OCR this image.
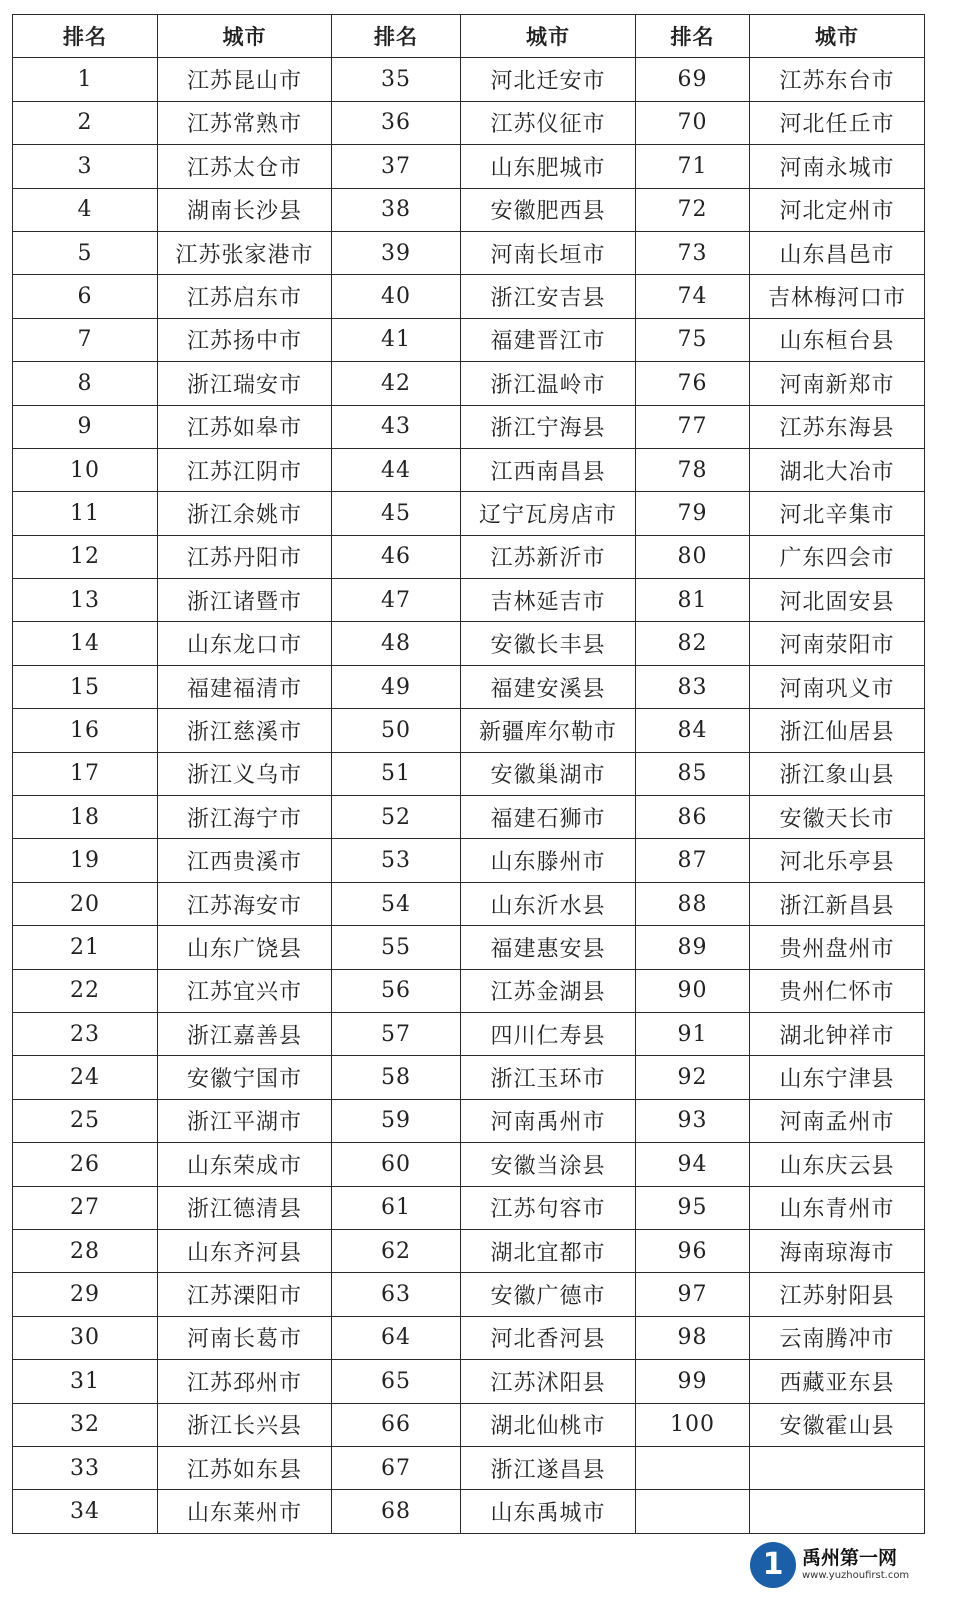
排名	城市	排名	城市	排名	城市
1	江苏昆山市	35	河北迁安市	69	江苏东台市
2	江苏常熟市	36	江苏仪征市	70	河北任丘市
3	江苏太仓市	37	山东肥城市	71	河南永城市
4	湖南长沙县	38	安徽肥西县	72	河北定州市
5	江苏张家港市	39	河南长垣市	73	山东昌邑市
6	江苏启东市	40	浙江安吉县	74	吉林梅河口市
7	江苏扬中市	41	福建晋江市	75	山东桓台县
8	浙江瑞安市	42	浙江温岭市	76	河南新郑市
9	江苏如皋市	43	浙江宁海县	77	江苏东海县
10	江苏江阴市	44	江西南昌县	78	湖北大冶市
11	浙江余姚市	45	辽宁瓦房店市	79	河北辛集市
12	江苏丹阳市	46	江苏新沂市	80	广东四会市
13	浙江诸暨市	47	吉林延吉市	81	河北固安县
14	山东龙口市	48	安徽长丰县	82	河南荥阳市
15	福建福清市	49	福建安溪县	83	河南巩义市
16	浙江慈溪市	50	新疆库尔勒市	84	浙江仙居县
17	浙江义乌市	51	安徽巢湖市	85	浙江象山县
18	浙江海宁市	52	福建石狮市	86	安徽天长市
19	江西贵溪市	53	山东滕州市	87	河北乐亭县
20	江苏海安市	54	山东沂水县	88	浙江新昌县
21	山东广饶县	55	福建惠安县	89	贵州盘州市
22	江苏宜兴市	56	江苏金湖县	90	贵州仁怀市
23	浙江嘉善县	57	四川仁寿县	91	湖北钟祥市
24	安徽宁国市	58	浙江玉环市	92	山东宁津县
25	浙江平湖市	59	河南禹州市	93	河南孟州市
26	山东荣成市	60	安徽当涂县	94	山东庆云县
27	浙江德清县	61	江苏句容市	95	山东青州市
28	山东齐河县	62	湖北宜都市	96	海南琼海市
29	江苏溧阳市	63	安徽广德市	97	江苏射阳县
30	河南长葛市	64	河北香河县	98	云南腾冲市
31	江苏邳州市	65	江苏沭阳县	99	西藏亚东县
32	浙江长兴县	66	湖北仙桃市	100	安徽霍山县
33	江苏如东县	67	浙江遂昌县		
34	山东莱州市	68	山东禹城市		
1 禹州第一网
www.yuzhoufirst.com
